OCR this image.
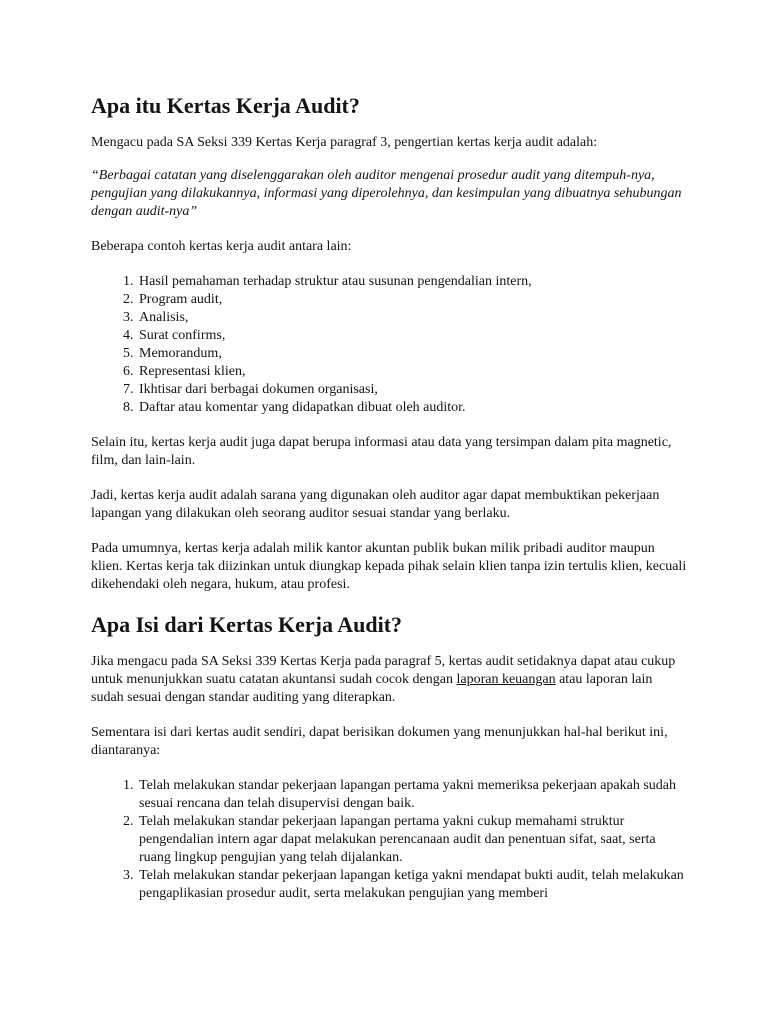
Apa itu Kertas Kerja Audit?

Mengacu pada SA Seksi 339 Kertas Kerja paragraf 3, pengertian kertas kerja audit adalah:

“Berbagai catatan yang diselenggarakan oleh auditor mengenai prosedur audit yang ditempuh-nya, pengujian yang dilakukannya, informasi yang diperolehnya, dan kesimpulan yang dibuatnya sehubungan dengan audit-nya”

Beberapa contoh kertas kerja audit antara lain:

1. Hasil pemahaman terhadap struktur atau susunan pengendalian intern,
2. Program audit,
3. Analisis,
4. Surat confirms,
5. Memorandum,
6. Representasi klien,
7. Ikhtisar dari berbagai dokumen organisasi,
8. Daftar atau komentar yang didapatkan dibuat oleh auditor.

Selain itu, kertas kerja audit juga dapat berupa informasi atau data yang tersimpan dalam pita magnetic, film, dan lain-lain.

Jadi, kertas kerja audit adalah sarana yang digunakan oleh auditor agar dapat membuktikan pekerjaan lapangan yang dilakukan oleh seorang auditor sesuai standar yang berlaku.

Pada umumnya, kertas kerja adalah milik kantor akuntan publik bukan milik pribadi auditor maupun klien. Kertas kerja tak diizinkan untuk diungkap kepada pihak selain klien tanpa izin tertulis klien, kecuali dikehendaki oleh negara, hukum, atau profesi.

Apa Isi dari Kertas Kerja Audit?

Jika mengacu pada SA Seksi 339 Kertas Kerja pada paragraf 5, kertas audit setidaknya dapat atau cukup untuk menunjukkan suatu catatan akuntansi sudah cocok dengan laporan keuangan atau laporan lain sudah sesuai dengan standar auditing yang diterapkan.

Sementara isi dari kertas audit sendiri, dapat berisikan dokumen yang menunjukkan hal-hal berikut ini, diantaranya:

1. Telah melakukan standar pekerjaan lapangan pertama yakni memeriksa pekerjaan apakah sudah sesuai rencana dan telah disupervisi dengan baik.
2. Telah melakukan standar pekerjaan lapangan pertama yakni cukup memahami struktur pengendalian intern agar dapat melakukan perencanaan audit dan penentuan sifat, saat, serta ruang lingkup pengujian yang telah dijalankan.
3. Telah melakukan standar pekerjaan lapangan ketiga yakni mendapat bukti audit, telah melakukan pengaplikasian prosedur audit, serta melakukan pengujian yang memberi
